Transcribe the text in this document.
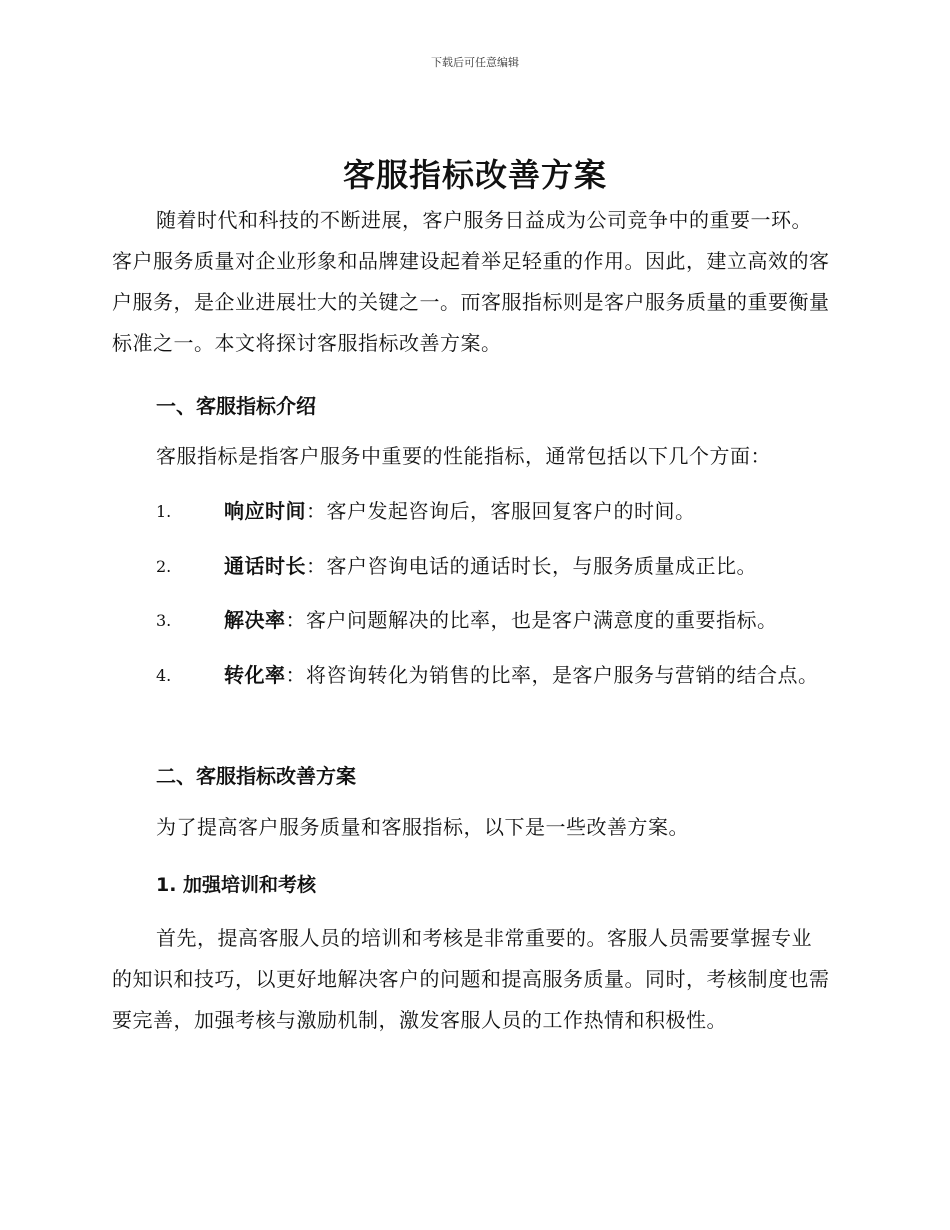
下载后可任意编辑
客服指标改善方案

随着时代和科技的不断进展，客户服务日益成为公司竞争中的重要一环。客户服务质量对企业形象和品牌建设起着举足轻重的作用。因此，建立高效的客户服务，是企业进展壮大的关键之一。而客服指标则是客户服务质量的重要衡量标准之一。本文将探讨客服指标改善方案。

一、客服指标介绍

客服指标是指客户服务中重要的性能指标，通常包括以下几个方面：

1.	响应时间：客户发起咨询后，客服回复客户的时间。
2.	通话时长：客户咨询电话的通话时长，与服务质量成正比。
3.	解决率：客户问题解决的比率，也是客户满意度的重要指标。
4.	转化率：将咨询转化为销售的比率，是客户服务与营销的结合点。
二、客服指标改善方案

为了提高客户服务质量和客服指标，以下是一些改善方案。

1. 加强培训和考核

首先，提高客服人员的培训和考核是非常重要的。客服人员需要掌握专业的知识和技巧，以更好地解决客户的问题和提高服务质量。同时，考核制度也需要完善，加强考核与激励机制，激发客服人员的工作热情和积极性。
